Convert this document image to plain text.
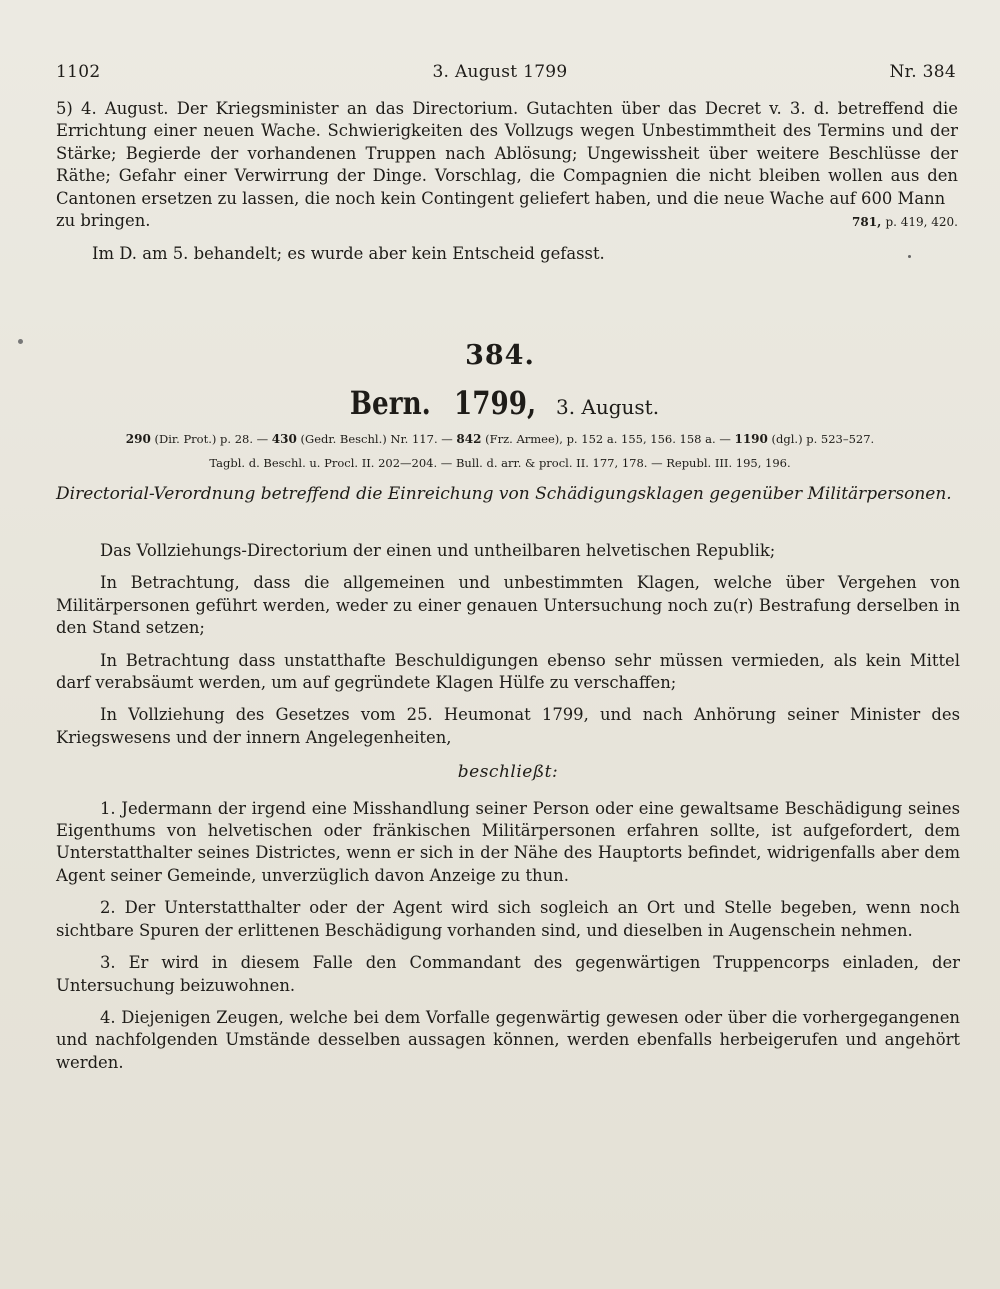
1102	3. August 1799	Nr. 384

5) 4. August. Der Kriegsminister an das Directorium. Gutachten über das Decret v. 3. d. betreffend die Errichtung einer neuen Wache. Schwierigkeiten des Vollzugs wegen Unbestimmtheit des Termins und der Stärke; Begierde der vorhandenen Truppen nach Ablösung; Ungewissheit über weitere Beschlüsse der Räthe; Gefahr einer Verwirrung der Dinge. Vorschlag, die Compagnien die nicht bleiben wollen aus den Cantonen ersetzen zu lassen, die noch kein Contingent geliefert haben, und die neue Wache auf 600 Mann

zu bringen.	781, p. 419, 420.

Im D. am 5. behandelt; es wurde aber kein Entscheid gefasst.

384.
Bern. 1799, 3. August.
290 (Dir. Prot.) p. 28. — 430 (Gedr. Beschl.) Nr. 117. — 842 (Frz. Armee), p. 152 a. 155, 156. 158 a. — 1190 (dgl.) p. 523–527.
Tagbl. d. Beschl. u. Procl. II. 202—204. — Bull. d. arr. & procl. II. 177, 178. — Republ. III. 195, 196.
Directorial-Verordnung betreffend die Einreichung von Schädigungsklagen gegenüber Militärpersonen.

Das Vollziehungs-Directorium der einen und untheilbaren helvetischen Republik;

In Betrachtung, dass die allgemeinen und unbestimmten Klagen, welche über Vergehen von Militärpersonen geführt werden, weder zu einer genauen Untersuchung noch zu(r) Bestrafung derselben in den Stand setzen;

In Betrachtung dass unstatthafte Beschuldigungen ebenso sehr müssen vermieden, als kein Mittel darf verabsäumt werden, um auf gegründete Klagen Hülfe zu verschaffen;

In Vollziehung des Gesetzes vom 25. Heumonat 1799, und nach Anhörung seiner Minister des Kriegswesens und der innern Angelegenheiten,

beschließt:

1. Jedermann der irgend eine Misshandlung seiner Person oder eine gewaltsame Beschädigung seines Eigenthums von helvetischen oder fränkischen Militärpersonen erfahren sollte, ist aufgefordert, dem Unterstatthalter seines Districtes, wenn er sich in der Nähe des Hauptorts befindet, widrigenfalls aber dem Agent seiner Gemeinde, unverzüglich davon Anzeige zu thun.

2. Der Unterstatthalter oder der Agent wird sich sogleich an Ort und Stelle begeben, wenn noch sichtbare Spuren der erlittenen Beschädigung vorhanden sind, und dieselben in Augenschein nehmen.

3. Er wird in diesem Falle den Commandant des gegenwärtigen Truppencorps einladen, der Untersuchung beizuwohnen.

4. Diejenigen Zeugen, welche bei dem Vorfalle gegenwärtig gewesen oder über die vorhergegangenen und nachfolgenden Umstände desselben aussagen können, werden ebenfalls herbeigerufen und angehört werden.
